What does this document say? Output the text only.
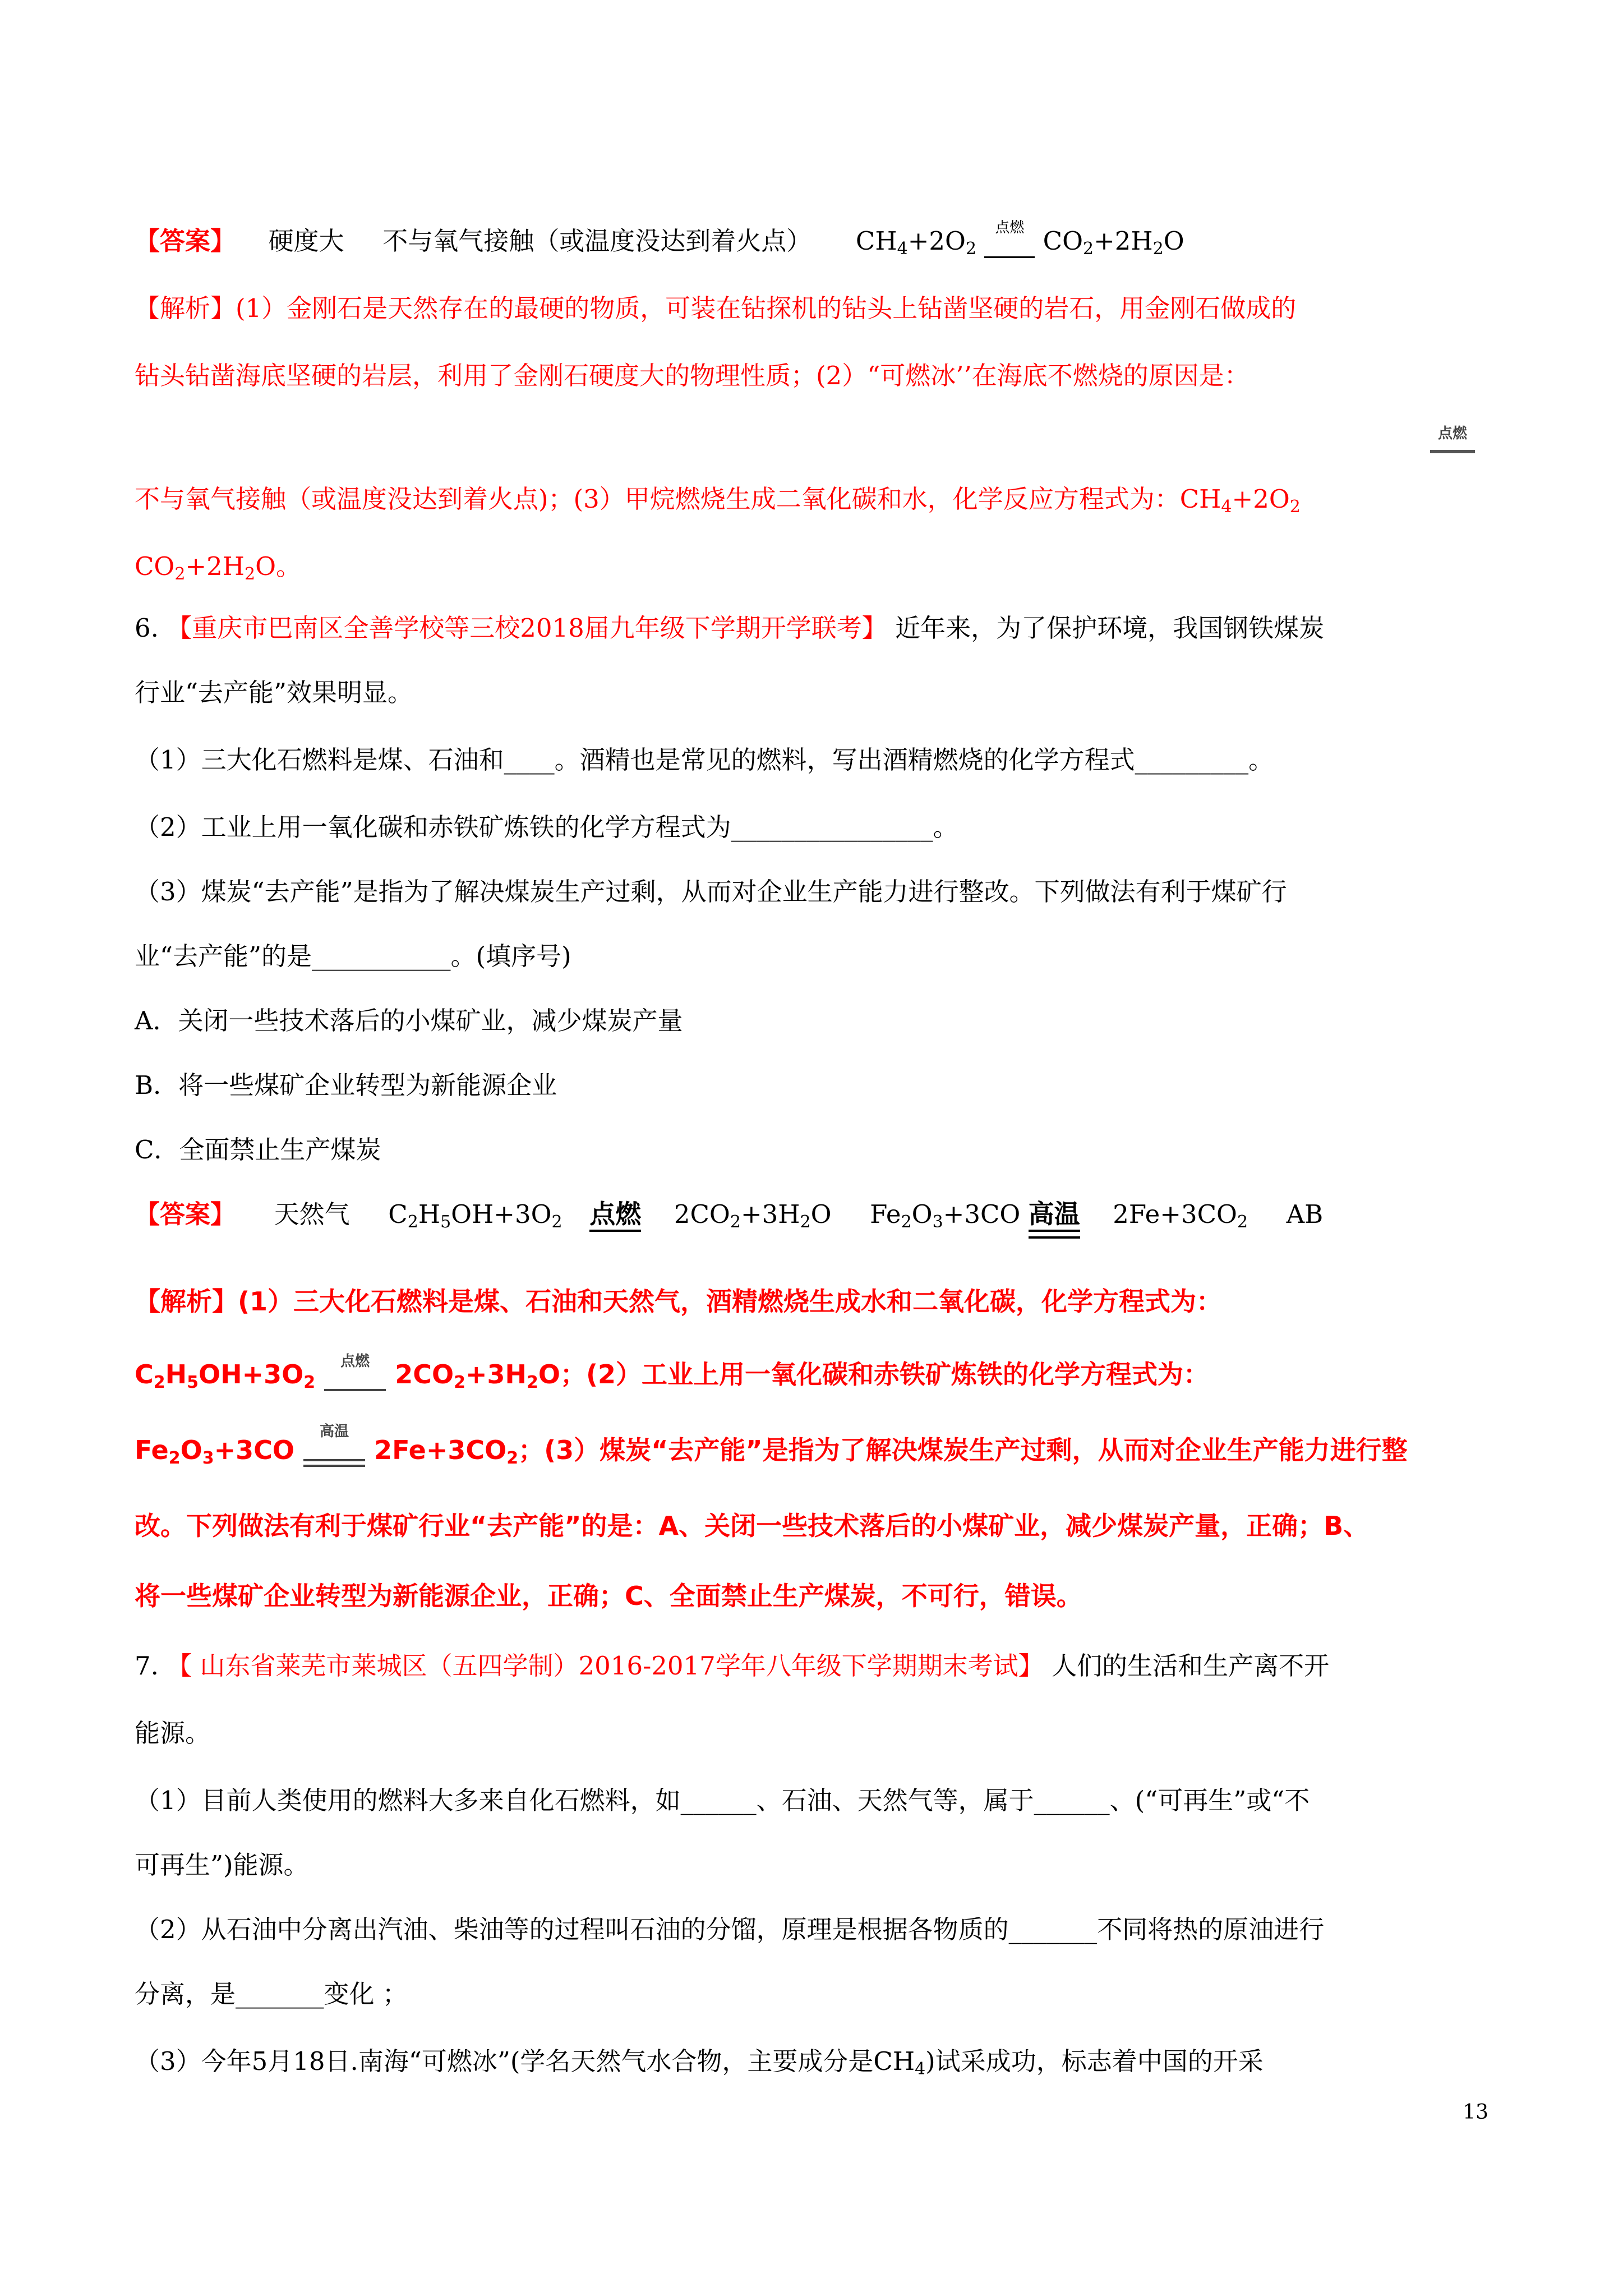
【答案】 硬度大 不与氧气接触（或温度没达到着火点） $CH_4+2O_2$
点燃 $CO_2+2H_2O$
【解析】(1）金刚石是天然存在的最硬的物质，可装在钻探机的钻头上钻凿坚硬的岩石，用金刚石做成的
钻头钻凿海底坚硬的岩层，利用了金刚石硬度大的物理性质；(2）“可燃冰’’在海底不燃烧的原因是：
点燃
不与氧气接触（或温度没达到着火点)；(3）甲烷燃烧生成二氧化碳和水，化学反应方程式为：$CH_4+2O_2$
$CO_2+2H_2O$。
6. 【重庆市巴南区全善学校等三校2018届九年级下学期开学联考】 近年来，为了保护环境，我国钢铁煤炭
行业“去产能”效果明显。
（1）三大化石燃料是煤、石油和____。酒精也是常见的燃料，写出酒精燃烧的化学方程式_________。
（2）工业上用一氧化碳和赤铁矿炼铁的化学方程式为________________。
（3）煤炭“去产能”是指为了解决煤炭生产过剩，从而对企业生产能力进行整改。下列做法有利于煤矿行
业“去产能”的是___________。(填序号)
A．关闭一些技术落后的小煤矿业，减少煤炭产量
B．将一些煤矿企业转型为新能源企业
C．全面禁止生产煤炭
【答案】 天然气 $C_2H_5OH+3O_2$ 点燃 $2CO_2+3H_2O$ $Fe_2O_3+3CO$ 高温 $2Fe+3CO_2$ AB
【解析】(1）三大化石燃料是煤、石油和天然气，酒精燃烧生成水和二氧化碳，化学方程式为：
$C_2H_5OH+3O_2$
点燃 $2CO_2+3H_2O$；(2）工业上用一氧化碳和赤铁矿炼铁的化学方程式为：
$Fe_2O_3+3CO$
高温
$2Fe+3CO_2$；(3）煤炭“去产能”是指为了解决煤炭生产过剩，从而对企业生产能力进行整
改。下列做法有利于煤矿行业“去产能”的是：A、关闭一些技术落后的小煤矿业，减少煤炭产量，正确；B、
将一些煤矿企业转型为新能源企业，正确；C、全面禁止生产煤炭，不可行，错误。
7. 【 山东省莱芜市莱城区（五四学制）2016-2017学年八年级下学期期末考试】 人们的生活和生产离不开
能源。
（1）目前人类使用的燃料大多来自化石燃料，如______、石油、天然气等，属于______、(“可再生”或“不
可再生”)能源。
（2）从石油中分离出汽油、柴油等的过程叫石油的分馏，原理是根据各物质的_______不同将热的原油进行
分离，是_______变化 ；
（3）今年5月18日.南海“可燃冰”(学名天然气水合物，主要成分是$CH_4$)试采成功，标志着中国的开采
13
